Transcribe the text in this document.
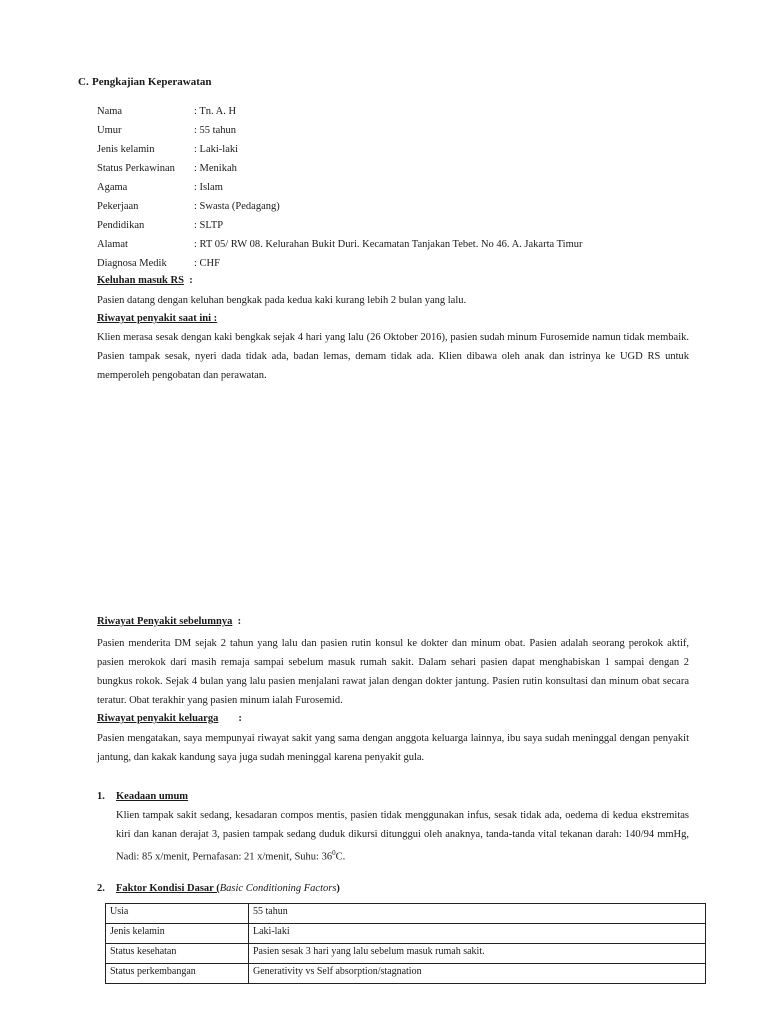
C. Pengkajian Keperawatan
Nama	: Tn. A. H
Umur	: 55 tahun
Jenis kelamin	: Laki-laki
Status Perkawinan : Menikah
Agama	: Islam
Pekerjaan	: Swasta (Pedagang)
Pendidikan	: SLTP
Alamat	: RT 05/ RW 08. Kelurahan Bukit Duri. Kecamatan Tanjakan Tebet. No 46. A. Jakarta Timur
Diagnosa Medik	: CHF
Keluhan masuk RS :
Pasien datang dengan keluhan bengkak pada kedua kaki kurang lebih 2 bulan yang lalu.
Riwayat penyakit saat ini :
Klien merasa sesak dengan kaki bengkak sejak 4 hari yang lalu (26 Oktober 2016), pasien sudah minum Furosemide namun tidak membaik. Pasien tampak sesak, nyeri dada tidak ada, badan lemas, demam tidak ada. Klien dibawa oleh anak dan istrinya ke UGD RS untuk memperoleh pengobatan dan perawatan.
Riwayat Penyakit sebelumnya :
Pasien menderita DM sejak 2 tahun yang lalu dan pasien rutin konsul ke dokter dan minum obat. Pasien adalah seorang perokok aktif, pasien merokok dari masih remaja sampai sebelum masuk rumah sakit. Dalam sehari pasien dapat menghabiskan 1 sampai dengan 2 bungkus rokok. Sejak 4 bulan yang lalu pasien menjalani rawat jalan dengan dokter jantung. Pasien rutin konsultasi dan minum obat secara teratur. Obat terakhir yang pasien minum ialah Furosemid.
Riwayat penyakit keluarga :
Pasien mengatakan, saya mempunyai riwayat sakit yang sama dengan anggota keluarga lainnya, ibu saya sudah meninggal dengan penyakit jantung, dan kakak kandung saya juga sudah meninggal karena penyakit gula.
1. Keadaan umum
Klien tampak sakit sedang, kesadaran compos mentis, pasien tidak menggunakan infus, sesak tidak ada, oedema di kedua ekstremitas kiri dan kanan derajat 3, pasien tampak sedang duduk dikursi ditunggui oleh anaknya, tanda-tanda vital tekanan darah: 140/94 mmHg, Nadi: 85 x/menit, Pernafasan: 21 x/menit, Suhu: $36^0C$.
2. Faktor Kondisi Dasar (Basic Conditioning Factors)
Usia	55 tahun
Jenis kelamin	Laki-laki
Status kesehatan	Pasien sesak 3 hari yang lalu sebelum masuk rumah sakit.
Status perkembangan	Generativity vs Self absorption/stagnation
